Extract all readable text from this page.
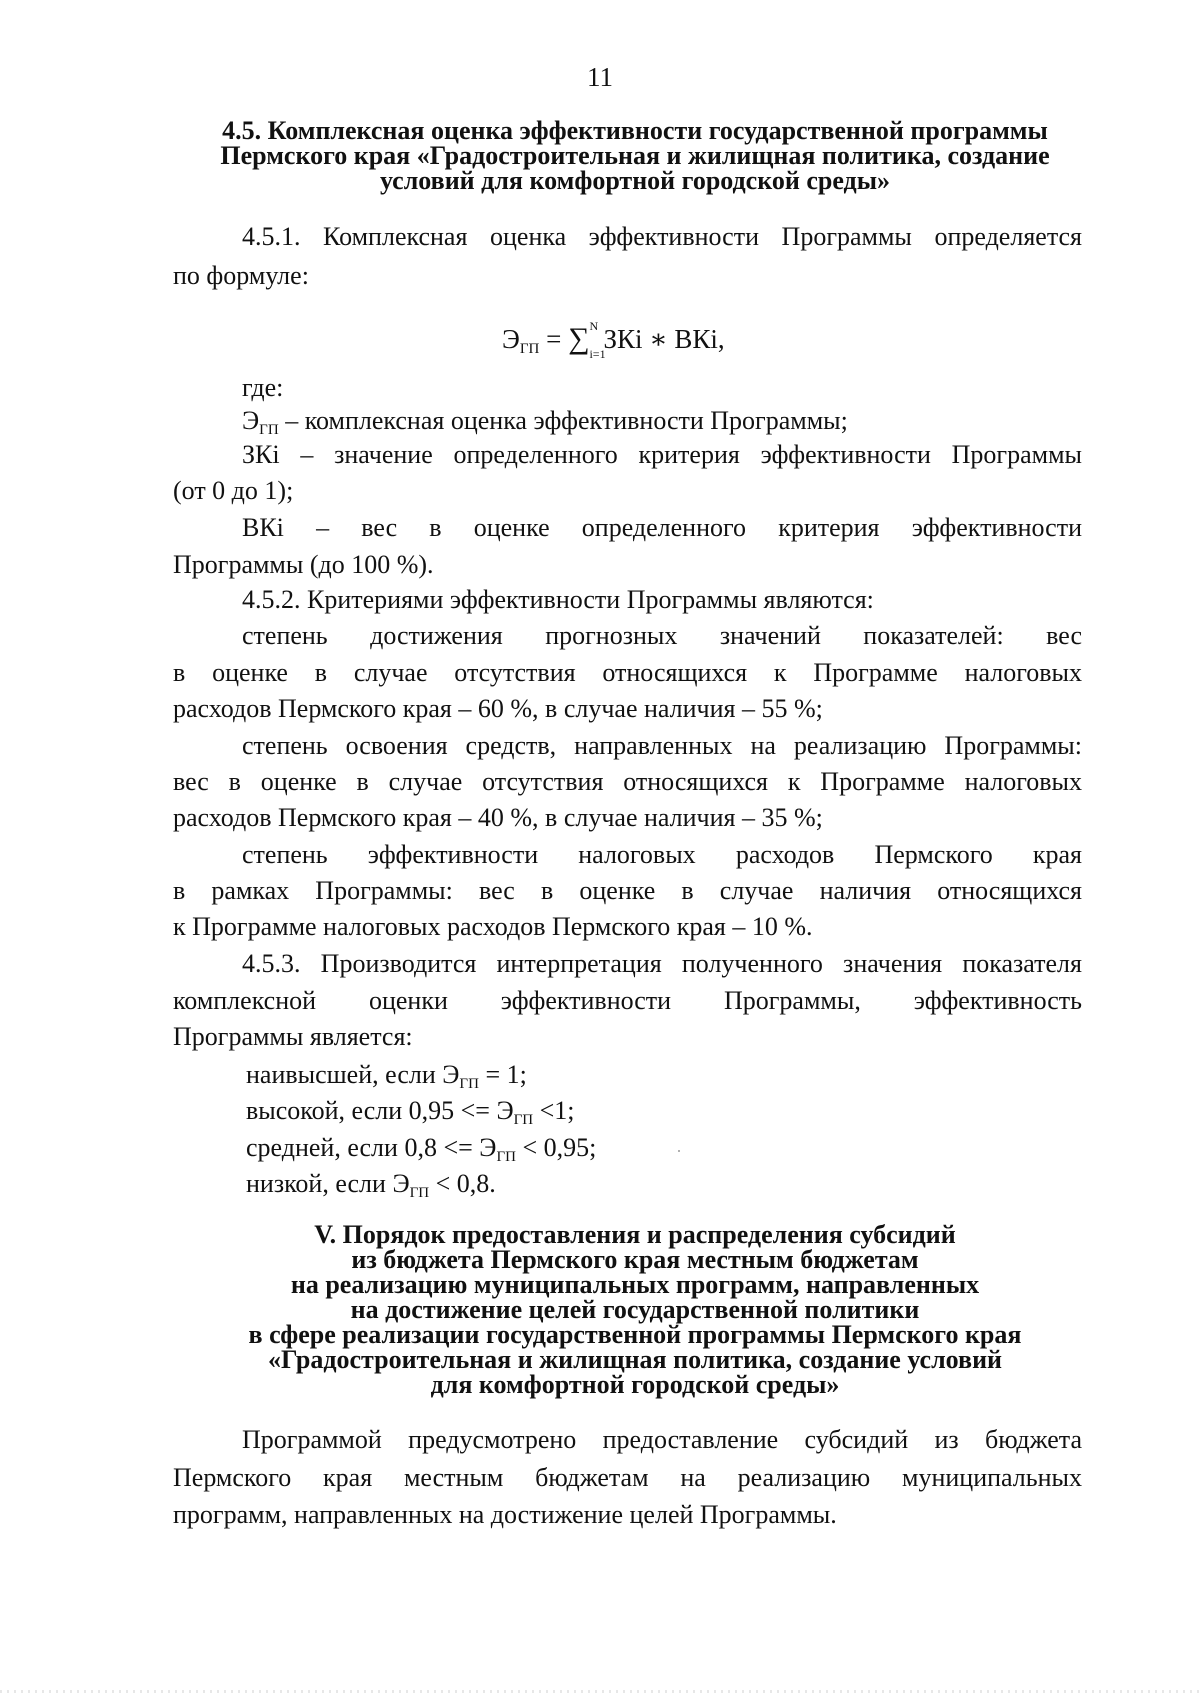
11
4.5. Комплексная оценка эффективности государственной программы
Пермского края «Градостроительная и жилищная политика, создание
условий для комфортной городской среды»
4.5.1. Комплексная оценка эффективности Программы определяется
по формуле:
$Э_{ГП}$ = ∑ N
i=1
ЗКi ∗ ВКi,
где:
$Э_{ГП}$ – комплексная оценка эффективности Программы;
ЗКi – значение определенного критерия эффективности Программы
(от 0 до 1);
ВКi – вес в оценке определенного критерия эффективности
Программы (до 100 %).
4.5.2. Критериями эффективности Программы являются:
степень достижения прогнозных значений показателей: вес
в оценке в случае отсутствия относящихся к Программе налоговых
расходов Пермского края – 60 %, в случае наличия – 55 %;
степень освоения средств, направленных на реализацию Программы:
вес в оценке в случае отсутствия относящихся к Программе налоговых
расходов Пермского края – 40 %, в случае наличия – 35 %;
степень эффективности налоговых расходов Пермского края
в рамках Программы: вес в оценке в случае наличия относящихся
к Программе налоговых расходов Пермского края – 10 %.
4.5.3. Производится интерпретация полученного значения показателя
комплексной оценки эффективности Программы, эффективность
Программы является:
наивысшей, если $Э_{ГП} = 1$;
высокой, если $0,95 <= Э_{ГП} <1$;
средней, если $0,8 <= Э_{ГП} < 0,95$;
низкой, если $Э_{ГП} < 0,8$.
V. Порядок предоставления и распределения субсидий
из бюджета Пермского края местным бюджетам
на реализацию муниципальных программ, направленных
на достижение целей государственной политики
в сфере реализации государственной программы Пермского края
«Градостроительная и жилищная политика, создание условий
для комфортной городской среды»
Программой предусмотрено предоставление субсидий из бюджета
Пермского края местным бюджетам на реализацию муниципальных
программ, направленных на достижение целей Программы.
